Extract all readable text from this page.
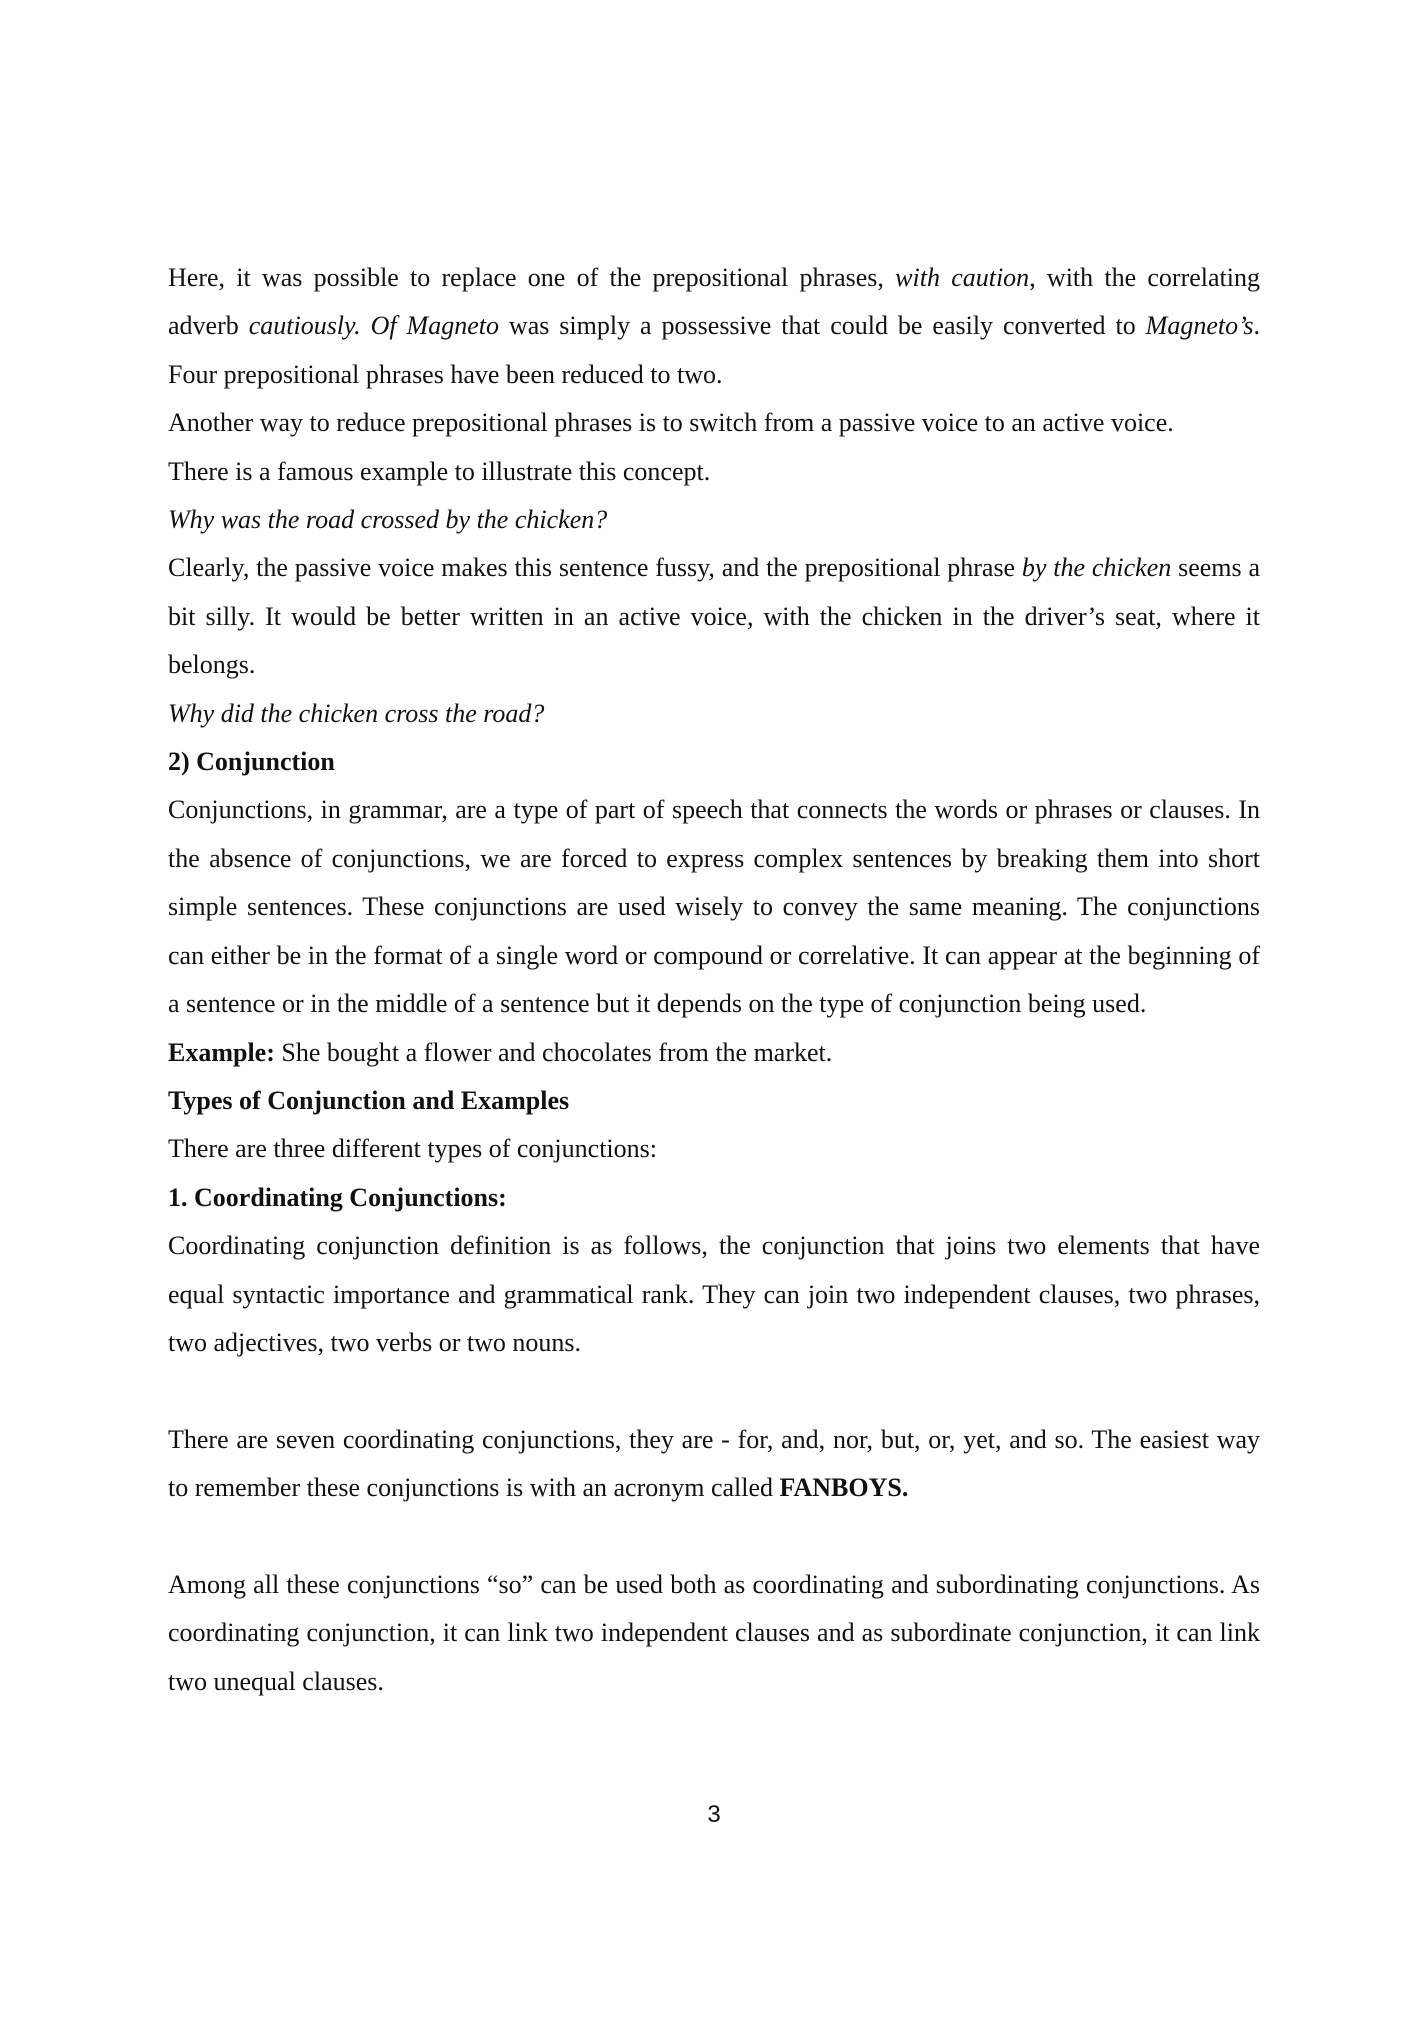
Here, it was possible to replace one of the prepositional phrases, with caution, with the correlating adverb cautiously. Of Magneto was simply a possessive that could be easily converted to Magneto’s. Four prepositional phrases have been reduced to two.

Another way to reduce prepositional phrases is to switch from a passive voice to an active voice.

There is a famous example to illustrate this concept.

Why was the road crossed by the chicken?

Clearly, the passive voice makes this sentence fussy, and the prepositional phrase by the chicken seems a bit silly. It would be better written in an active voice, with the chicken in the driver’s seat, where it belongs.

Why did the chicken cross the road?

2) Conjunction

Conjunctions, in grammar, are a type of part of speech that connects the words or phrases or clauses. In the absence of conjunctions, we are forced to express complex sentences by breaking them into short simple sentences. These conjunctions are used wisely to convey the same meaning. The conjunctions can either be in the format of a single word or compound or correlative. It can appear at the beginning of a sentence or in the middle of a sentence but it depends on the type of conjunction being used.

Example: She bought a flower and chocolates from the market.

Types of Conjunction and Examples

There are three different types of conjunctions:

1. Coordinating Conjunctions:

Coordinating conjunction definition is as follows, the conjunction that joins two elements that have equal syntactic importance and grammatical rank. They can join two independent clauses, two phrases, two adjectives, two verbs or two nouns.

There are seven coordinating conjunctions, they are - for, and, nor, but, or, yet, and so. The easiest way to remember these conjunctions is with an acronym called FANBOYS.

Among all these conjunctions “so” can be used both as coordinating and subordinating conjunctions. As coordinating conjunction, it can link two independent clauses and as subordinate conjunction, it can link two unequal clauses.

3
